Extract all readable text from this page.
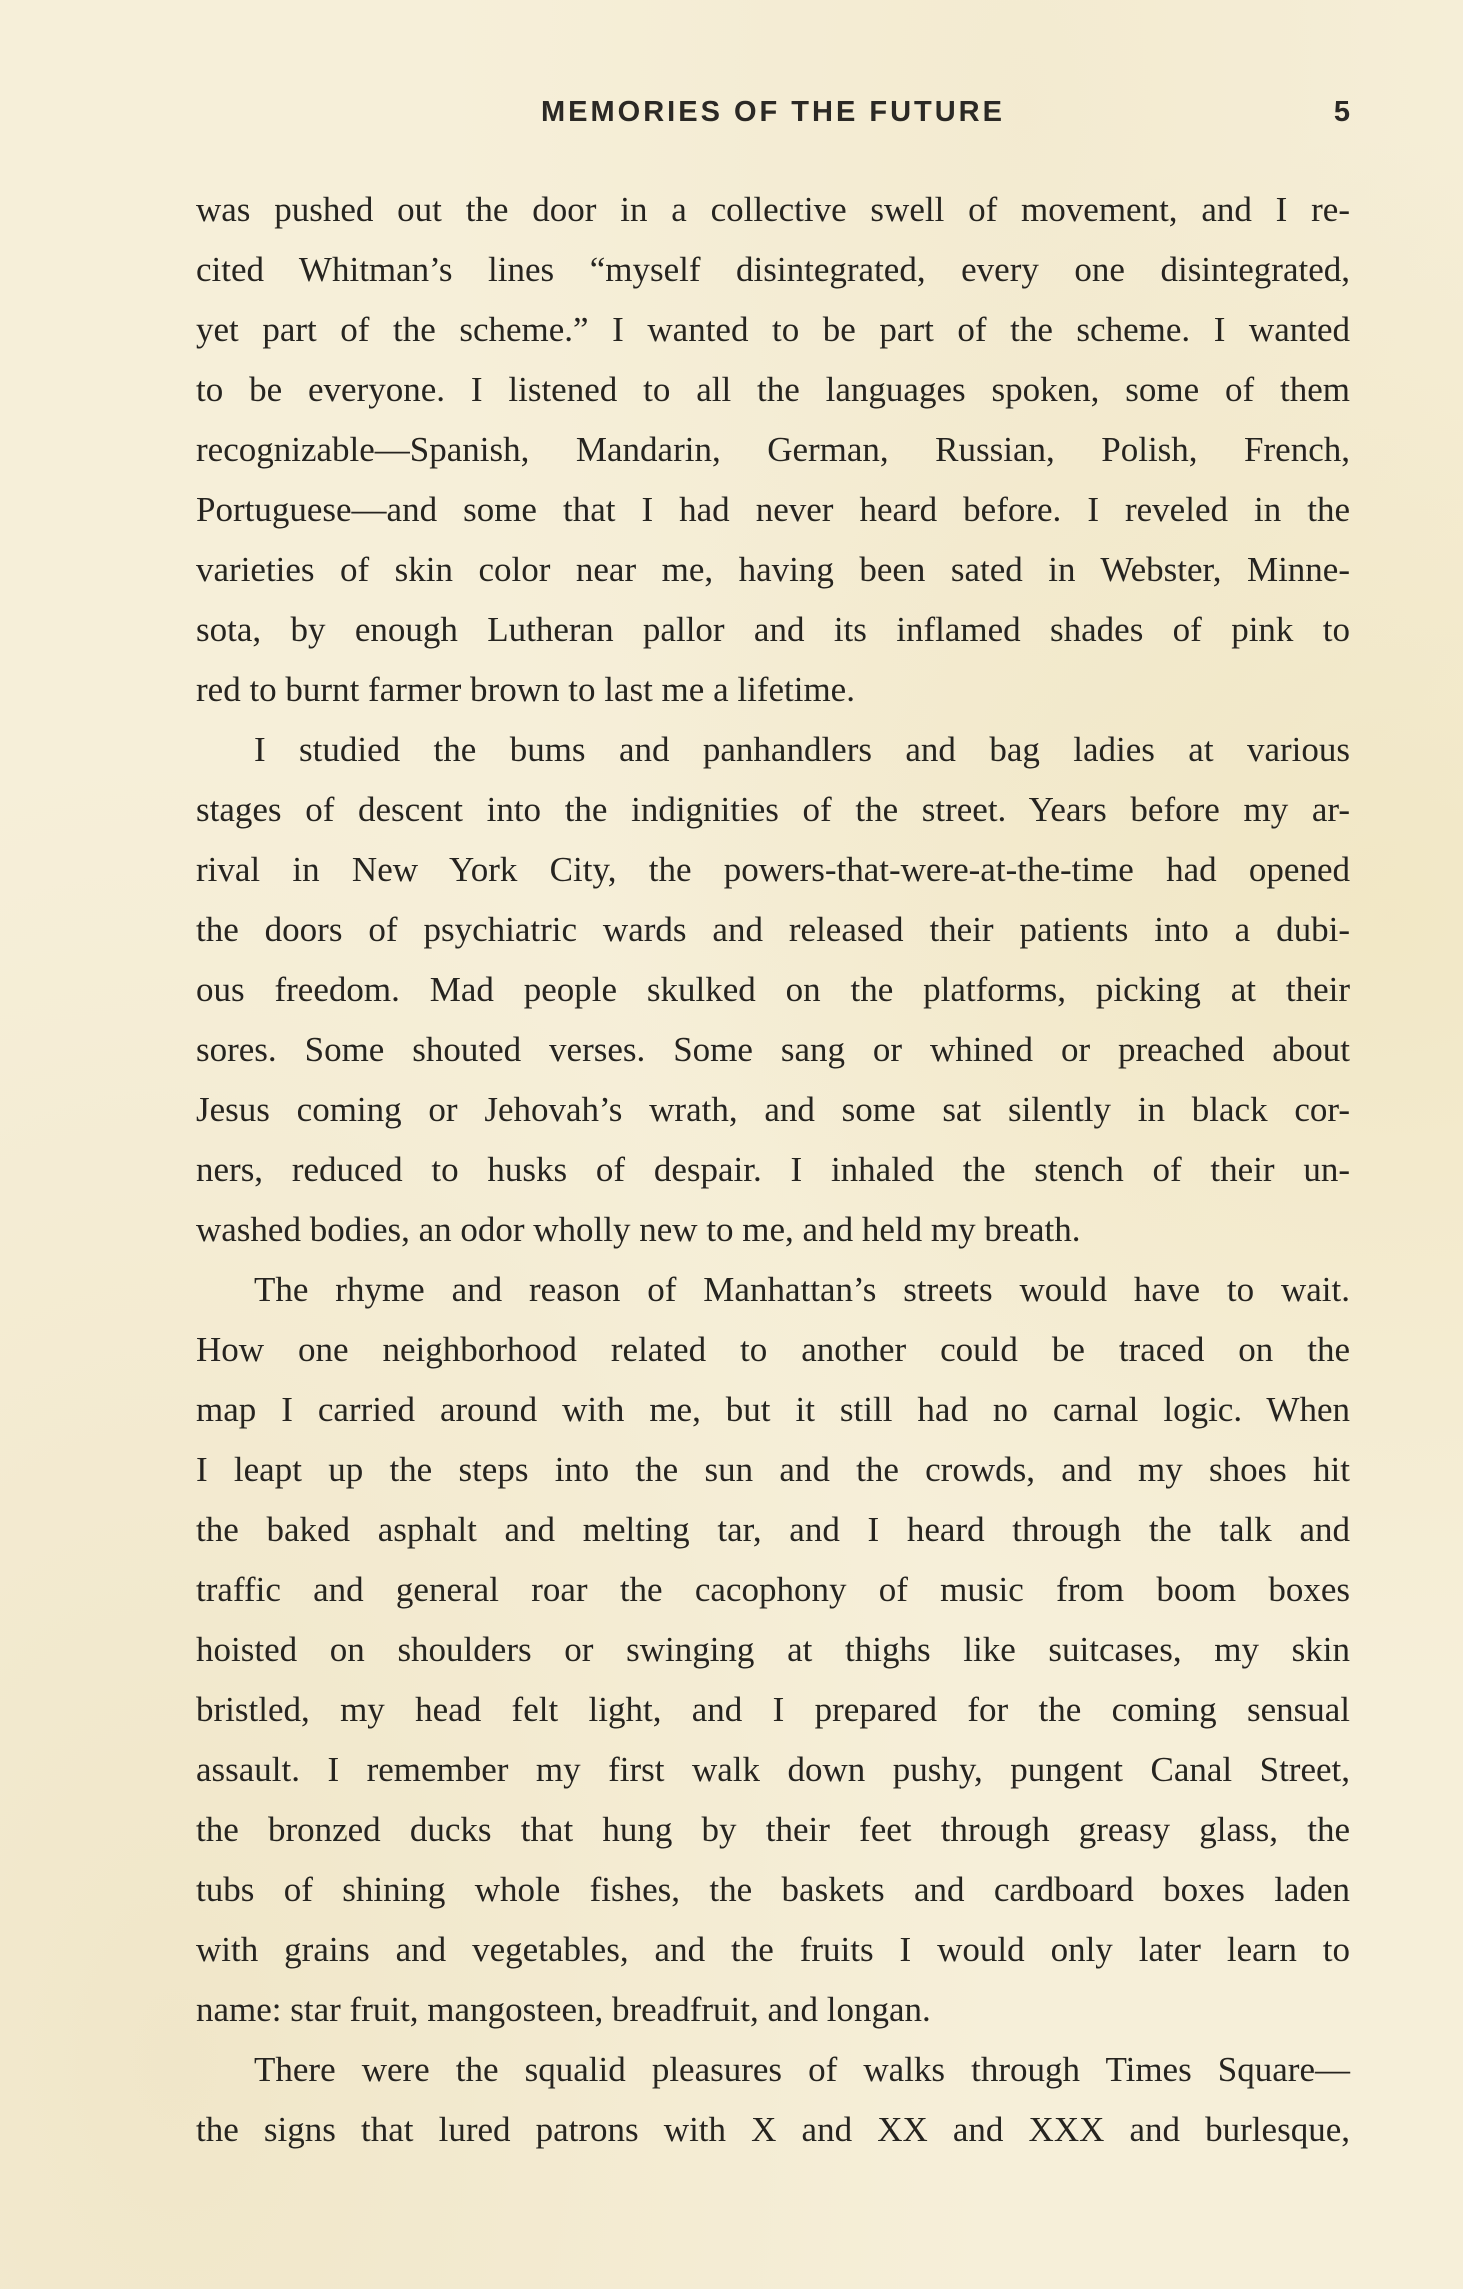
MEMORIES OF THE FUTURE	5
was pushed out the door in a collective swell of movement, and I re-
cited Whitman’s lines “myself disintegrated, every one disintegrated,
yet part of the scheme.” I wanted to be part of the scheme. I wanted
to be everyone. I listened to all the languages spoken, some of them
recognizable—Spanish, Mandarin, German, Russian, Polish, French,
Portuguese—and some that I had never heard before. I reveled in the
varieties of skin color near me, having been sated in Webster, Minne-
sota, by enough Lutheran pallor and its inflamed shades of pink to
red to burnt farmer brown to last me a lifetime.
I studied the bums and panhandlers and bag ladies at various
stages of descent into the indignities of the street. Years before my ar-
rival in New York City, the powers-that-were-at-the-time had opened
the doors of psychiatric wards and released their patients into a dubi-
ous freedom. Mad people skulked on the platforms, picking at their
sores. Some shouted verses. Some sang or whined or preached about
Jesus coming or Jehovah’s wrath, and some sat silently in black cor-
ners, reduced to husks of despair. I inhaled the stench of their un-
washed bodies, an odor wholly new to me, and held my breath.
The rhyme and reason of Manhattan’s streets would have to wait.
How one neighborhood related to another could be traced on the
map I carried around with me, but it still had no carnal logic. When
I leapt up the steps into the sun and the crowds, and my shoes hit
the baked asphalt and melting tar, and I heard through the talk and
traffic and general roar the cacophony of music from boom boxes
hoisted on shoulders or swinging at thighs like suitcases, my skin
bristled, my head felt light, and I prepared for the coming sensual
assault. I remember my first walk down pushy, pungent Canal Street,
the bronzed ducks that hung by their feet through greasy glass, the
tubs of shining whole fishes, the baskets and cardboard boxes laden
with grains and vegetables, and the fruits I would only later learn to
name: star fruit, mangosteen, breadfruit, and longan.
There were the squalid pleasures of walks through Times Square—
the signs that lured patrons with X and XX and XXX and burlesque,
